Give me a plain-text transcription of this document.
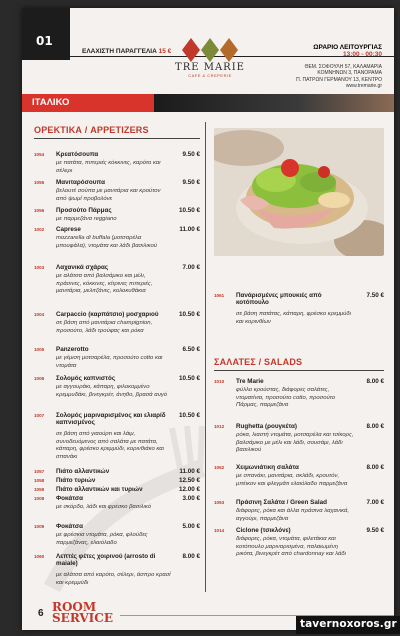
01
ΕΛΑΧΙΣΤΗ ΠΑΡΑΓΓΕΛΙΑ 15 €
TRE MARIE
CAFE & CREPERIE
ΩΡΑΡΙΟ ΛΕΙΤΟΥΡΓΙΑΣ
13:00 - 00:30
ΘΕΜ. ΣΟΦΟΥΛΗ 57, ΚΑΛΑΜΑΡΙΑ
ΚΟΜΝΗΝΩΝ 3, ΠΑΝΟΡΑΜΑ
Π. ΠΑΤΡΩΝ ΓΕΡΜΑΝΟΥ 13, ΚΕΝΤΡΟ
www.tremarie.gr
ΙΤΑΛΙΚΟ
ΟΡΕΚΤΙΚΑ / APPETIZERS
1054 Κρεατόσουπα	9.50 €
με πατάτα, πιπεριές κόκκινες, καρότο και σέλερι
1055 Μανιταρόσουπα	9.50 €
βελουτέ σούπα με μανιτάρια και κρούτον από ψωμί προβολόνε
1056 Προσούτο Πάρμας	10.50 €
με παρμεζάνα reggiano
1002 Caprese	11.00 €
mozzarella di buffala (μοτσαρέλα μπουφάλα), ντομάτα και λάδι βασιλικού
1003 Λαχανικά σχάρας	7.00 €
με αλάτσα από βαλσάμικο και μέλι, πράσινες, κόκκινες, κίτρινες πιπεριές, μανιτάρια, μελιτζάνες, κολοκυθάκια
1004 Carpaccio (καρπάτσιο) μοσχαριού	10.50 €
σε βάση από μανιτάρια champignion, προσούτο, λάδι τρούφας και ρόκα
1005 Panzerotto	6.50 €
με γέμιση μοτσαρέλα, προσούτο cotto και ντομάτα
1006 Σολομός καπνιστός	10.50 €
με αγγουράκι, κάπαρη, φιλοκομμένο κρεμμυδάκι, βινεγκρέτ, άνηθο, βρασά αυγό
1007 Σολομός μαριναρισμένος και ελιαρίδ καπνισμένος
10.50 €
σε βάση από γιαούρτι και λάιμ, συνοδευόμενος από σαλάτα με πατάτα, κάπαρη, φρέσκο κρεμμύδι, κορινθιάκο και σπανάκι
1057 Πιάτο αλλαντικών	11.00 €
1058 Πιάτο τυριών	12.50 €
1059 Πιάτο αλλαντικών και τυριών	12.00 €
1008 Φοκάτσα	3.00 €
με σκόρδο, λάδι και φρέσκο βασιλικό
1009 Φοκάτσα	5.00 €
με φρέσκια ντομάτα, ρόκα, φλούδες παρμεζάνας, ελαιόλαδο
1060 Λεπτές φέτες χοιρινού (arrosto di maiale)
8.00 €
με αλάτσα από καρότο, σέλερι, άσπρο κρασί και κρεμμύδι
1061 Πανάρισμένες μπουκιές από κοτόπουλο
7.50 €
σε βάση πατάτας, κάπαρη, φρέσκο κρεμμύδι και κορινθίων
1010 Tre Marie	8.00 €
φύλλο κρούστας, διάφορες σαλάτες, ντοματίνια, προσούτο cotto, προσούτο Πάρμας, παρμεζάνα
1012 Rughetta (ρουγκέτα)	8.00 €
ρόκα, λιαστή ντομάτα, μοτσαρέλα και τσίκορς, βαλσάμικο με μέλι και λάδι, σουσάμι, λάδι βασιλικού
1062 Χειμωνιάτικη σαλάτα	8.00 €
με σπανάκι, μανιτάρια, σκλάδι, κρουτόν, μπέικον και φλεγμάτι ελαιόλαδο παρμεζάνα
1063 Πράσινη Σαλάτα / Green Salad	7.00 €
διάφορες, ρόκα και άλλα πράσινα λαχανικά, αγγούρι, παρμεζάνα
1014 Ciclone (τσικλόνε)	9.50 €
διάφορες, ρόκα, ντομάτα, φιλετάκια και κοτόπουλο μαριναρισμένα, παλαιωμένη ρικότα, βινεγκρέτ από chardonnay και λάδι
ΣΑΛΑΤΕΣ / SALADS
6 ROOM
SERVICE	tavernoxoros.gr
